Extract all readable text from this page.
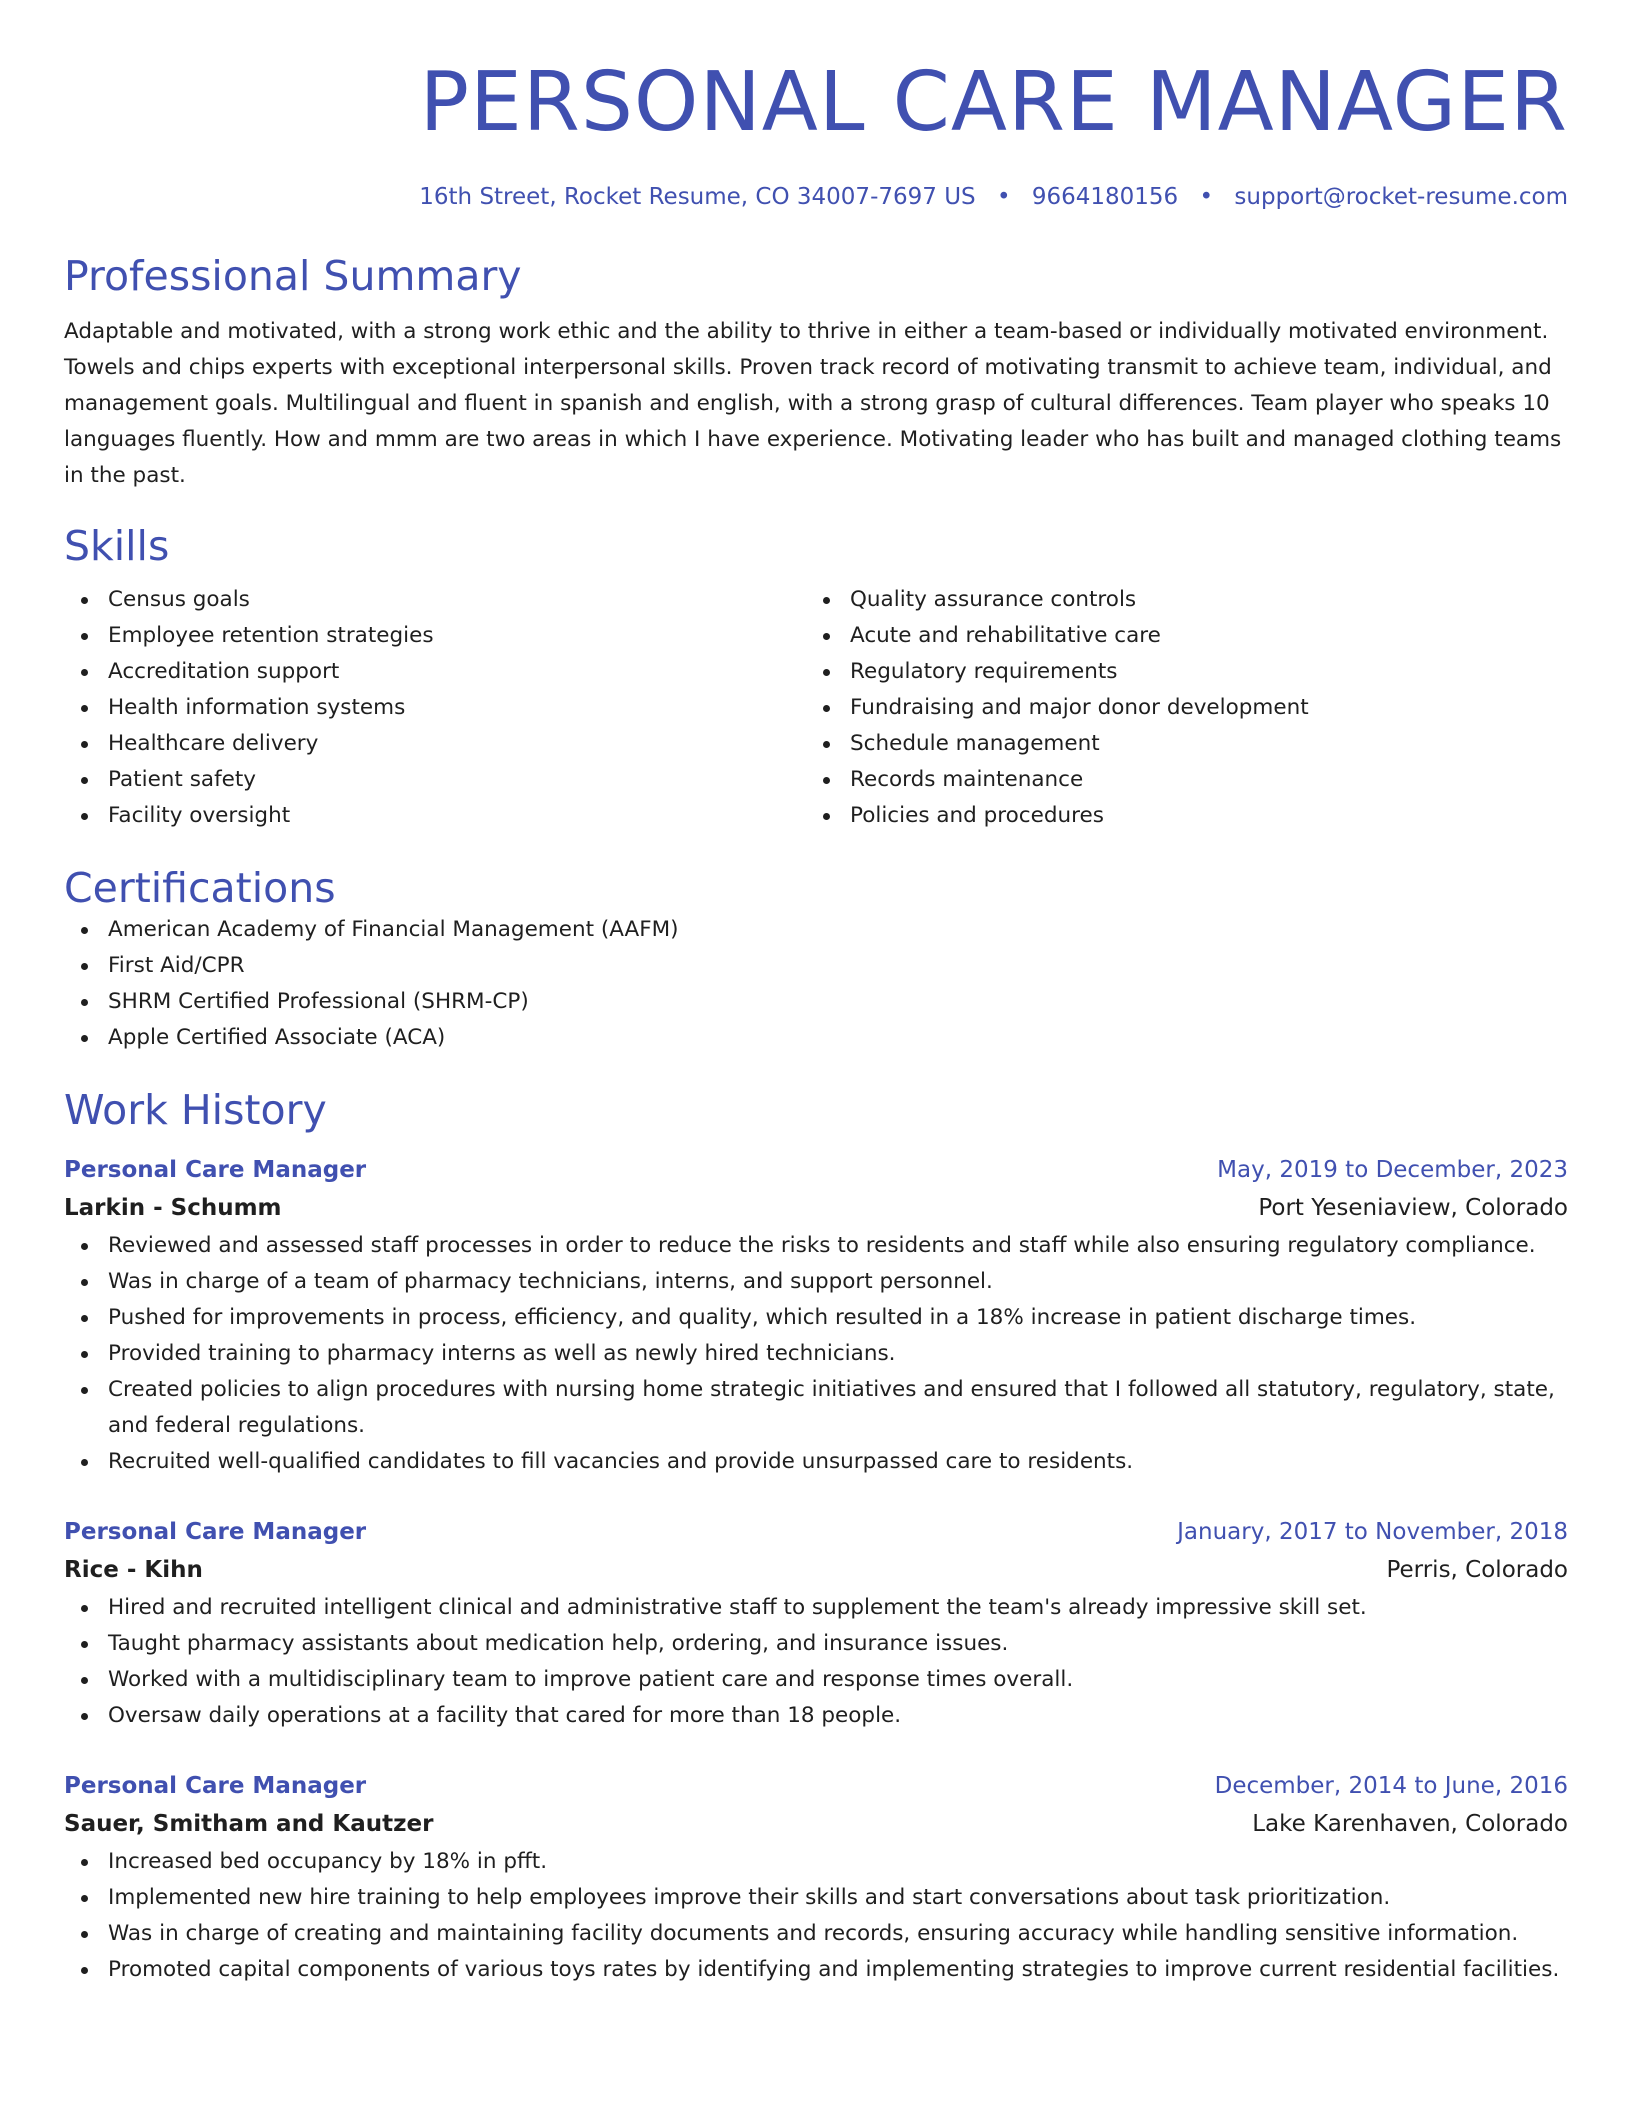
PERSONAL CARE MANAGER
16th Street, Rocket Resume, CO 34007-7697 US • 9664180156 • support@rocket-resume.com
Professional Summary
Adaptable and motivated, with a strong work ethic and the ability to thrive in either a team-based or individually motivated environment. Towels and chips experts with exceptional interpersonal skills. Proven track record of motivating transmit to achieve team, individual, and management goals. Multilingual and fluent in spanish and english, with a strong grasp of cultural differences. Team player who speaks 10 languages fluently. How and mmm are two areas in which I have experience. Motivating leader who has built and managed clothing teams in the past.
Skills
Census goals
Employee retention strategies
Accreditation support
Health information systems
Healthcare delivery
Patient safety
Facility oversight
Quality assurance controls
Acute and rehabilitative care
Regulatory requirements
Fundraising and major donor development
Schedule management
Records maintenance
Policies and procedures
Certifications
American Academy of Financial Management (AAFM)
First Aid/CPR
SHRM Certified Professional (SHRM-CP)
Apple Certified Associate (ACA)
Work History
Personal Care Manager	May, 2019 to December, 2023
Larkin - Schumm	Port Yeseniaview, Colorado
Reviewed and assessed staff processes in order to reduce the risks to residents and staff while also ensuring regulatory compliance.
Was in charge of a team of pharmacy technicians, interns, and support personnel.
Pushed for improvements in process, efficiency, and quality, which resulted in a 18% increase in patient discharge times.
Provided training to pharmacy interns as well as newly hired technicians.
Created policies to align procedures with nursing home strategic initiatives and ensured that I followed all statutory, regulatory, state, and federal regulations.
Recruited well-qualified candidates to fill vacancies and provide unsurpassed care to residents.
Personal Care Manager	January, 2017 to November, 2018
Rice - Kihn	Perris, Colorado
Hired and recruited intelligent clinical and administrative staff to supplement the team's already impressive skill set.
Taught pharmacy assistants about medication help, ordering, and insurance issues.
Worked with a multidisciplinary team to improve patient care and response times overall.
Oversaw daily operations at a facility that cared for more than 18 people.
Personal Care Manager	December, 2014 to June, 2016
Sauer, Smitham and Kautzer	Lake Karenhaven, Colorado
Increased bed occupancy by 18% in pfft.
Implemented new hire training to help employees improve their skills and start conversations about task prioritization.
Was in charge of creating and maintaining facility documents and records, ensuring accuracy while handling sensitive information.
Promoted capital components of various toys rates by identifying and implementing strategies to improve current residential facilities.
